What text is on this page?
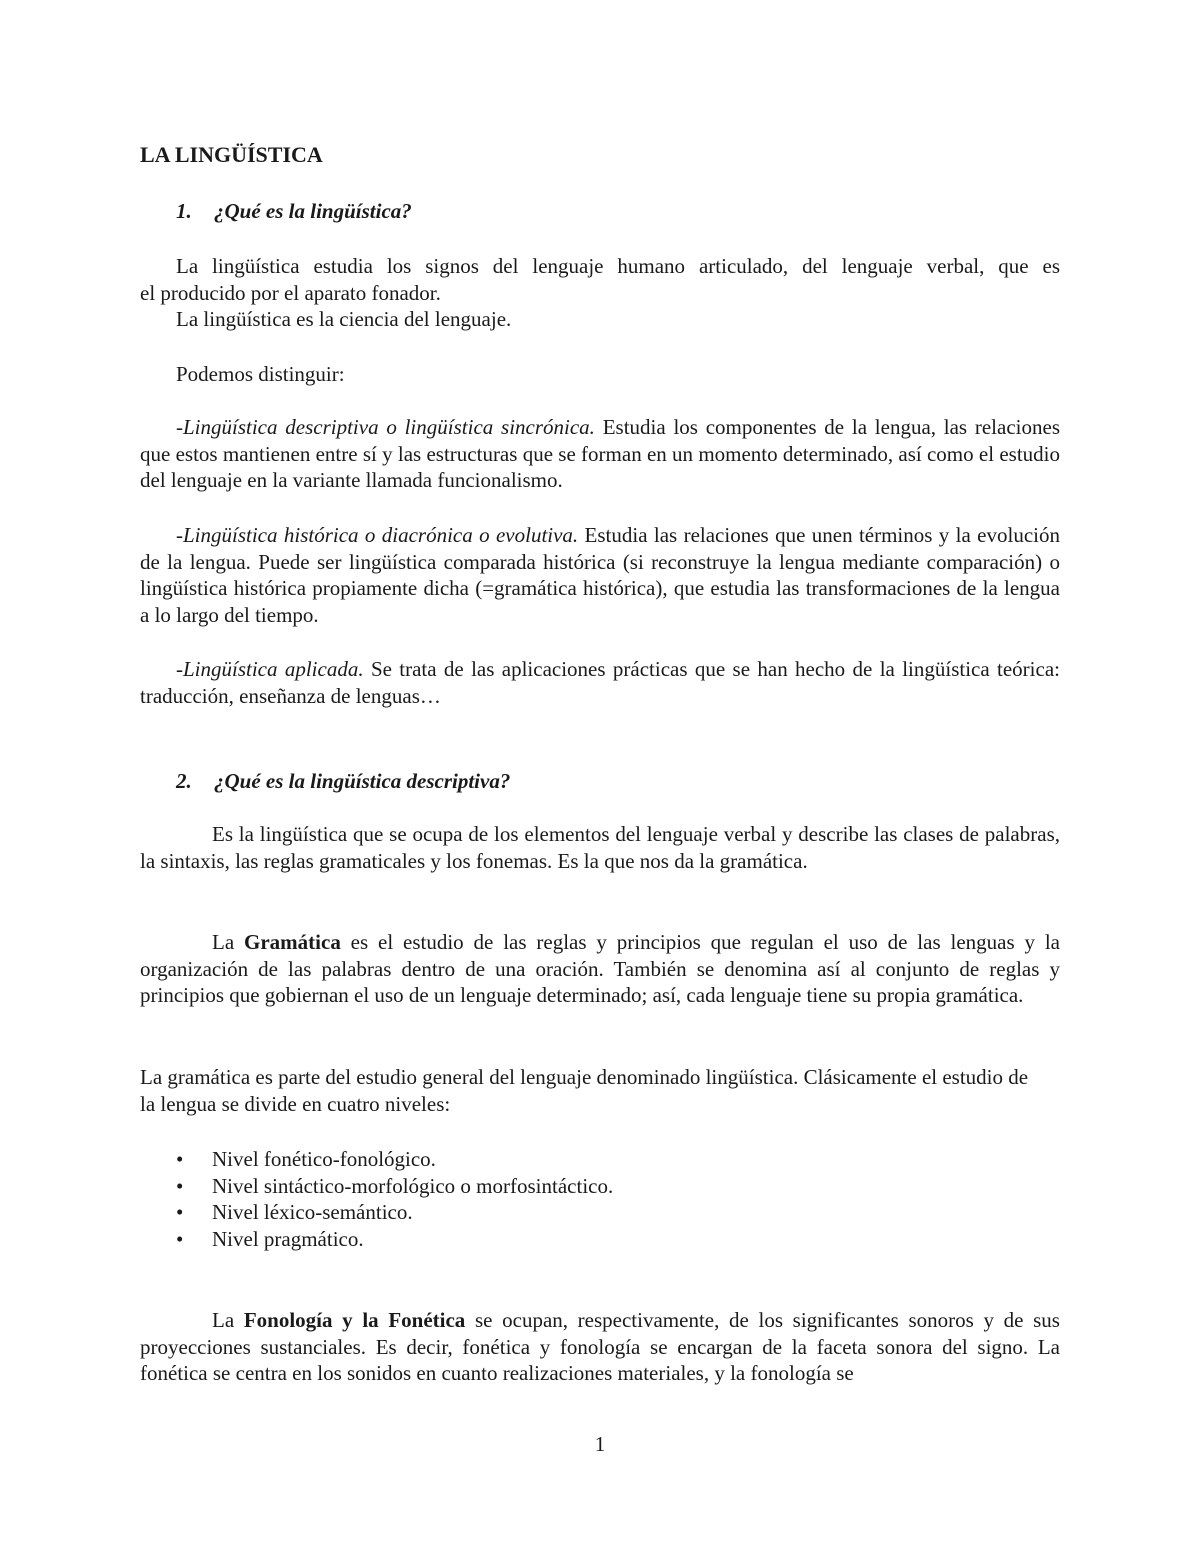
LA LINGÜÍSTICA
1. ¿Qué es la lingüística?

La lingüística estudia los signos del lenguaje humano articulado, del lenguaje verbal, que es
el producido por el aparato fonador.
La lingüística es la ciencia del lenguaje.

Podemos distinguir:

-Lingüística descriptiva o lingüística sincrónica. Estudia los componentes de la lengua, las relaciones que estos mantienen entre sí y las estructuras que se forman en un momento determinado, así como el estudio del lenguaje en la variante llamada funcionalismo.

-Lingüística histórica o diacrónica o evolutiva. Estudia las relaciones que unen términos y la evolución de la lengua. Puede ser lingüística comparada histórica (si reconstruye la lengua mediante comparación) o lingüística histórica propiamente dicha (=gramática histórica), que estudia las transformaciones de la lengua a lo largo del tiempo.

-Lingüística aplicada. Se trata de las aplicaciones prácticas que se han hecho de la lingüística teórica: traducción, enseñanza de lenguas…

2. ¿Qué es la lingüística descriptiva?

Es la lingüística que se ocupa de los elementos del lenguaje verbal y describe las clases de palabras, la sintaxis, las reglas gramaticales y los fonemas. Es la que nos da la gramática.

La Gramática es el estudio de las reglas y principios que regulan el uso de las lenguas y la organización de las palabras dentro de una oración. También se denomina así al conjunto de reglas y principios que gobiernan el uso de un lenguaje determinado; así, cada lenguaje tiene su propia gramática.

La gramática es parte del estudio general del lenguaje denominado lingüística. Clásicamente el estudio de la lengua se divide en cuatro niveles:

• Nivel fonético-fonológico.
• Nivel sintáctico-morfológico o morfosintáctico.
• Nivel léxico-semántico.
• Nivel pragmático.

La Fonología y la Fonética se ocupan, respectivamente, de los significantes sonoros y de sus proyecciones sustanciales. Es decir, fonética y fonología se encargan de la faceta sonora del signo. La fonética se centra en los sonidos en cuanto realizaciones materiales, y la fonología se

1
